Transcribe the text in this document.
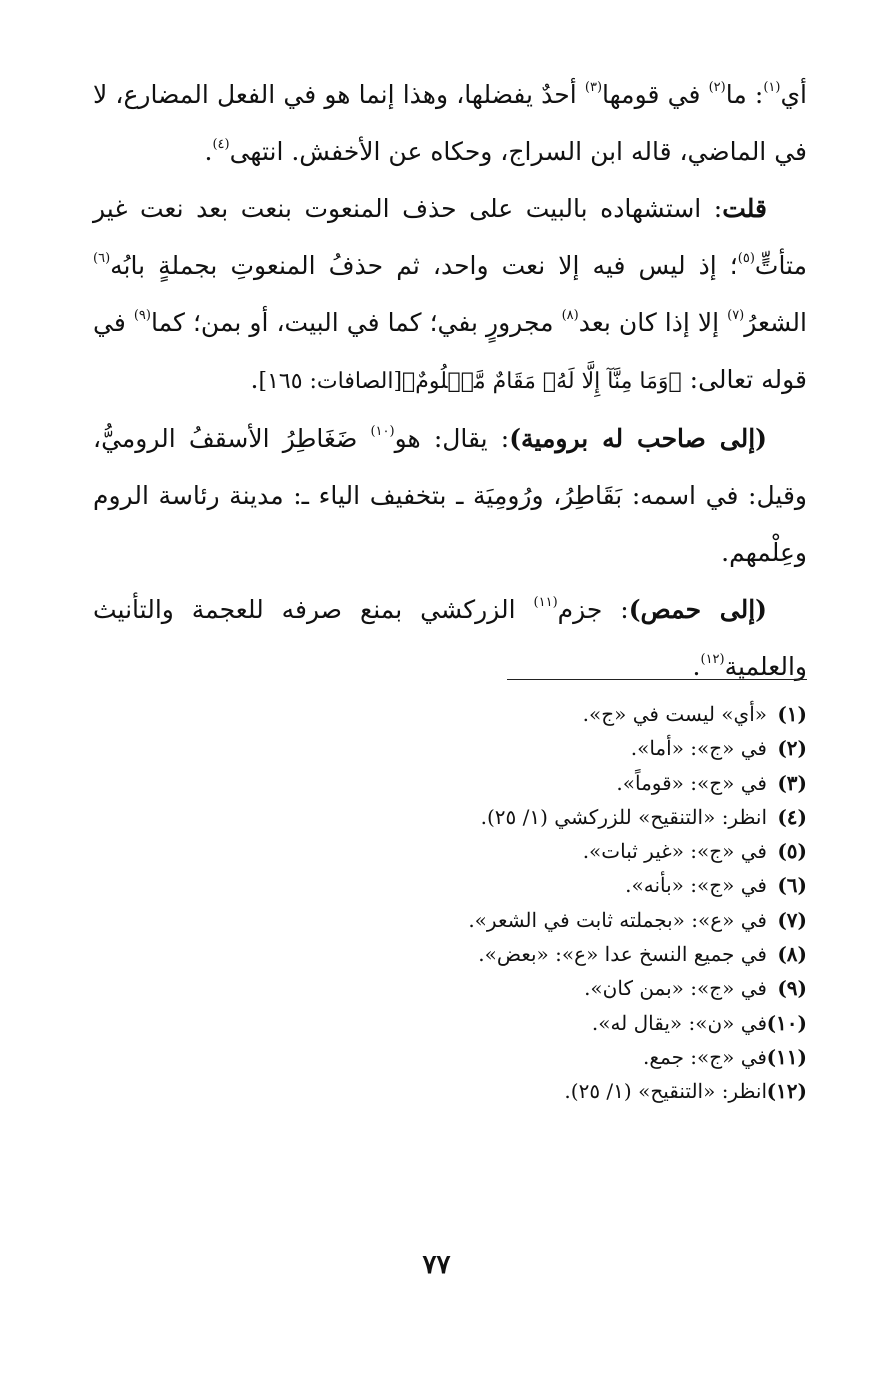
أي$^{(١)}$: ما$^{(٢)}$ في قومها$^{(٣)}$ أحدٌ يفضلها، وهذا إنما هو في الفعل المضارع، لا في الماضي، قاله ابن السراج، وحكاه عن الأخفش. انتهى$^{(٤)}$.

قلت: استشهاده بالبيت على حذف المنعوت بنعت بعد نعت غير متأتٍّ$^{(٥)}$؛ إذ ليس فيه إلا نعت واحد، ثم حذفُ المنعوتِ بجملةٍ بابُه$^{(٦)}$ الشعرُ$^{(٧)}$ إلا إذا كان بعد$^{(٨)}$ مجرورٍ بفي؛ كما في البيت، أو بمن؛ كما$^{(٩)}$ في قوله تعالى: ﴿وَمَا مِنَّآ إِلَّا لَهُۥ مَقَامٌ مَّعۡلُومٌ﴾[الصافات: ١٦٥].

(إلى صاحب له برومية): يقال: هو$^{(١٠)}$ ضَغَاطِرُ الأسقفُ الروميُّ، وقيل: في اسمه: بَقَاطِرُ، ورُومِيَة ـ بتخفيف الياء ـ: مدينة رئاسة الروم وعِلْمهم.

(إلى حمص): جزم$^{(١١)}$ الزركشي بمنع صرفه للعجمة والتأنيث والعلمية$^{(١٢)}$.

(١)
«أي» ليست في «ج».
(٢)
في «ج»: «أما».
(٣)
في «ج»: «قوماً».
(٤)
انظر: «التنقيح» للزركشي (١/ ٢٥).
(٥)
في «ج»: «غير ثبات».
(٦)
في «ج»: «بأنه».
(٧)
في «ع»: «بجملته ثابت في الشعر».
(٨)
في جميع النسخ عدا «ع»: «بعض».
(٩)
في «ج»: «بمن كان».
(١٠)
في «ن»: «يقال له».
(١١)
في «ج»: جمع.
(١٢)
انظر: «التنقيح» (١/ ٢٥).
٧٧
